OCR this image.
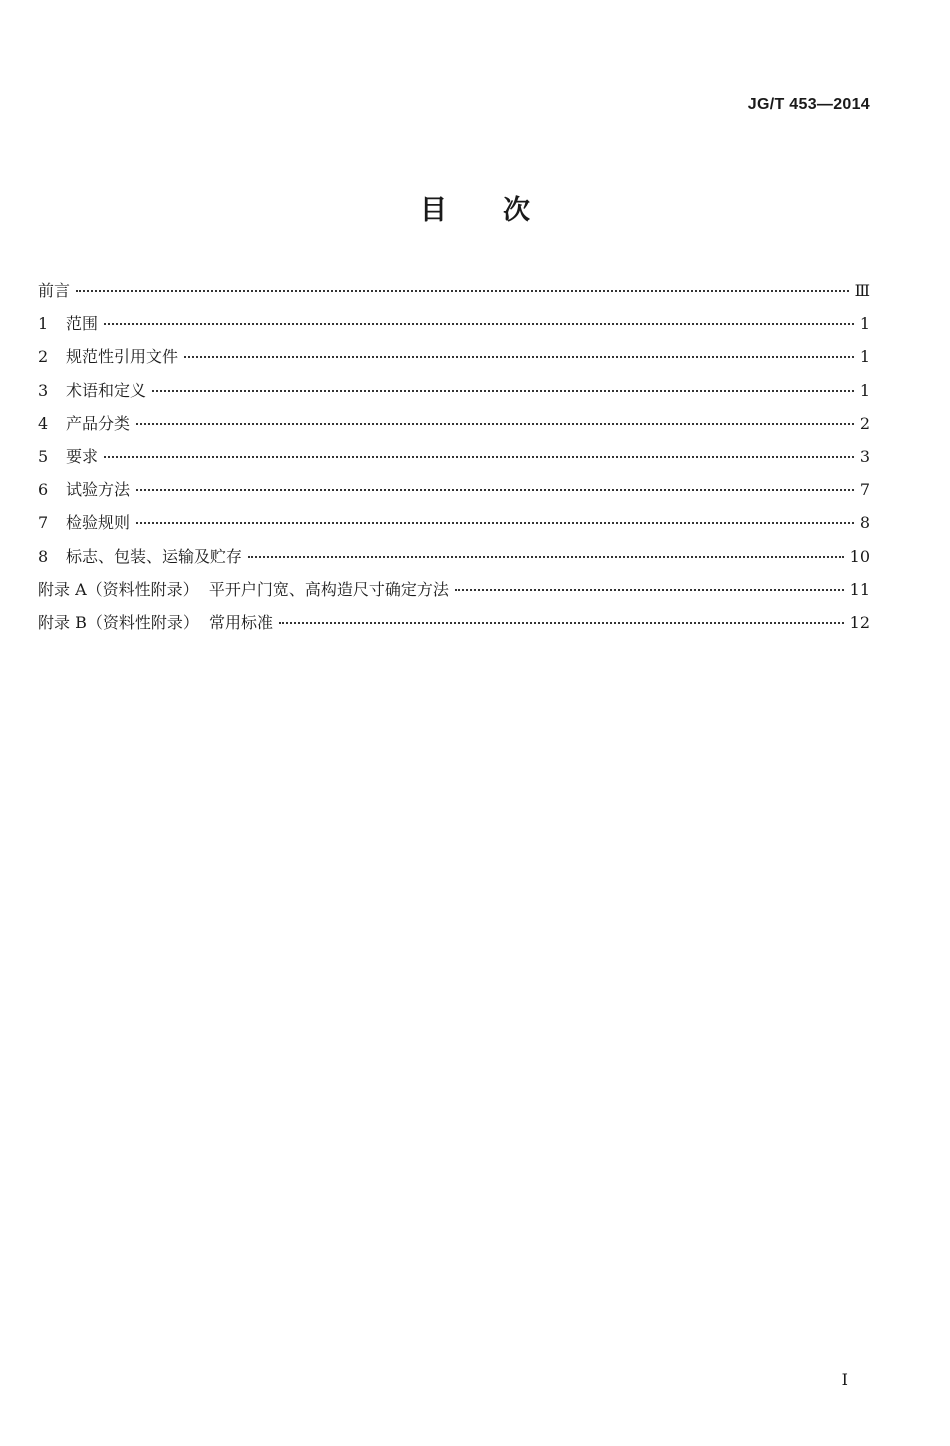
JG/T 453—2014
目 次
前言	Ⅲ
1 范围	1
2 规范性引用文件	1
3 术语和定义	1
4 产品分类	2
5 要求	3
6 试验方法	7
7 检验规则	8
8 标志、包装、运输及贮存	10
附录 A（资料性附录）  平开户门宽、高构造尺寸确定方法	11
附录 B（资料性附录）  常用标准	12
I
